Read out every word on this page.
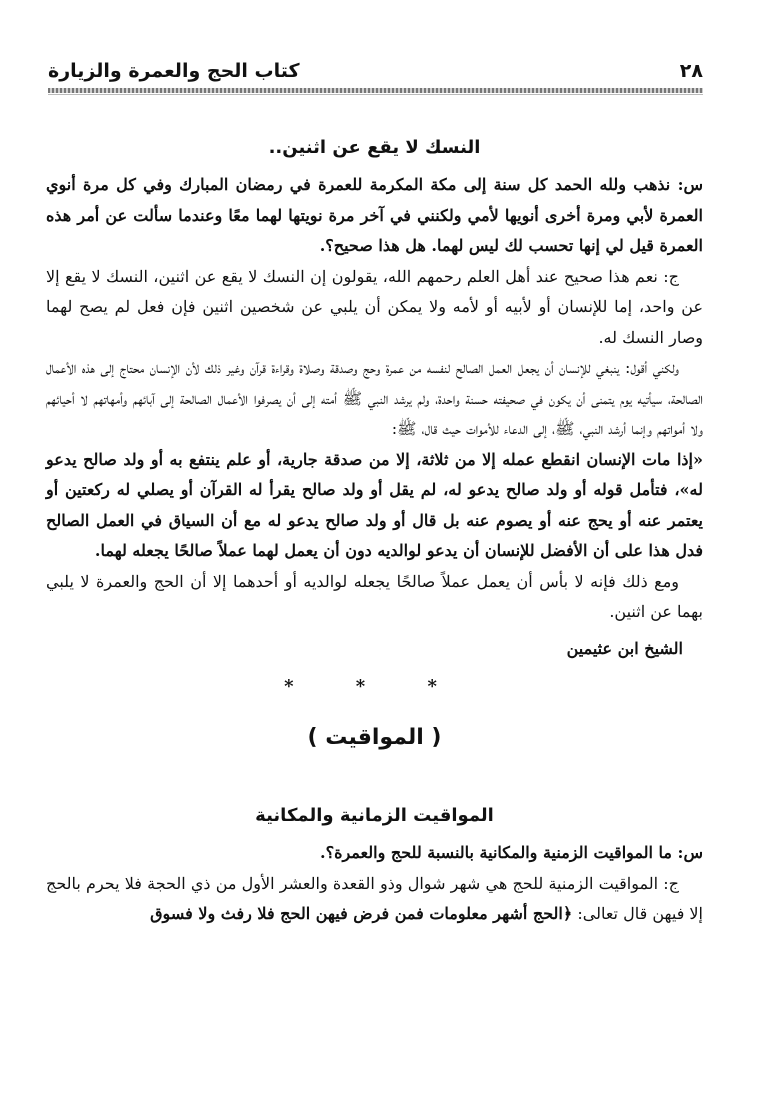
٢٨
كتاب الحج والعمرة والزيارة
النسك لا يقع عن اثنين..

س: نذهب ولله الحمد كل سنة إلى مكة المكرمة للعمرة في رمضان المبارك وفي كل مرة أنوي العمرة لأبي ومرة أخرى أنويها لأمي ولكنني في آخر مرة نويتها لهما معًا وعندما سألت عن أمر هذه العمرة قيل لي إنها تحسب لك ليس لهما. هل هذا صحيح؟.

ج: نعم هذا صحيح عند أهل العلم رحمهم الله، يقولون إن النسك لا يقع عن اثنين، النسك لا يقع إلا عن واحد، إما للإنسان أو لأبيه أو لأمه ولا يمكن أن يلبي عن شخصين اثنين فإن فعل لم يصح لهما وصار النسك له.

ولكني أقول: ينبغي للإنسان أن يجعل العمل الصالح لنفسه من عمرة وحج وصدقة وصلاة وقراءة قرآن وغير ذلك لأن الإنسان محتاج إلى هذه الأعمال الصالحة، سيأتيه يوم يتمنى أن يكون في صحيفته حسنة واحدة، ولم يرشد النبي ﷺ أمته إلى أن يصرفوا الأعمال الصالحة إلى آبائهم وأمهاتهم لا أحيائهم ولا أمواتهم وإنما أرشد النبي، ﷺ، إلى الدعاء للأموات حيث قال، ﷺ:

«إذا مات الإنسان انقطع عمله إلا من ثلاثة، إلا من صدقة جارية، أو علم ينتفع به أو ولد صالح يدعو له»، فتأمل قوله أو ولد صالح يدعو له، لم يقل أو ولد صالح يقرأ له القرآن أو يصلي له ركعتين أو يعتمر عنه أو يحج عنه أو يصوم عنه بل قال أو ولد صالح يدعو له مع أن السياق في العمل الصالح فدل هذا على أن الأفضل للإنسان أن يدعو لوالديه دون أن يعمل لهما عملاً صالحًا يجعله لهما.

ومع ذلك فإنه لا بأس أن يعمل عملاً صالحًا يجعله لوالديه أو أحدهما إلا أن الحج والعمرة لا يلبي بهما عن اثنين.

الشيخ ابن عثيمين

* * *
( المواقيت )
المواقيت الزمانية والمكانية

س: ما المواقيت الزمنية والمكانية بالنسبة للحج والعمرة؟.

ج: المواقيت الزمنية للحج هي شهر شوال وذو القعدة والعشر الأول من ذي الحجة فلا يحرم بالحج إلا فيهن قال تعالى: ﴿الحج أشهر معلومات فمن فرض فيهن الحج فلا رفث ولا فسوق
